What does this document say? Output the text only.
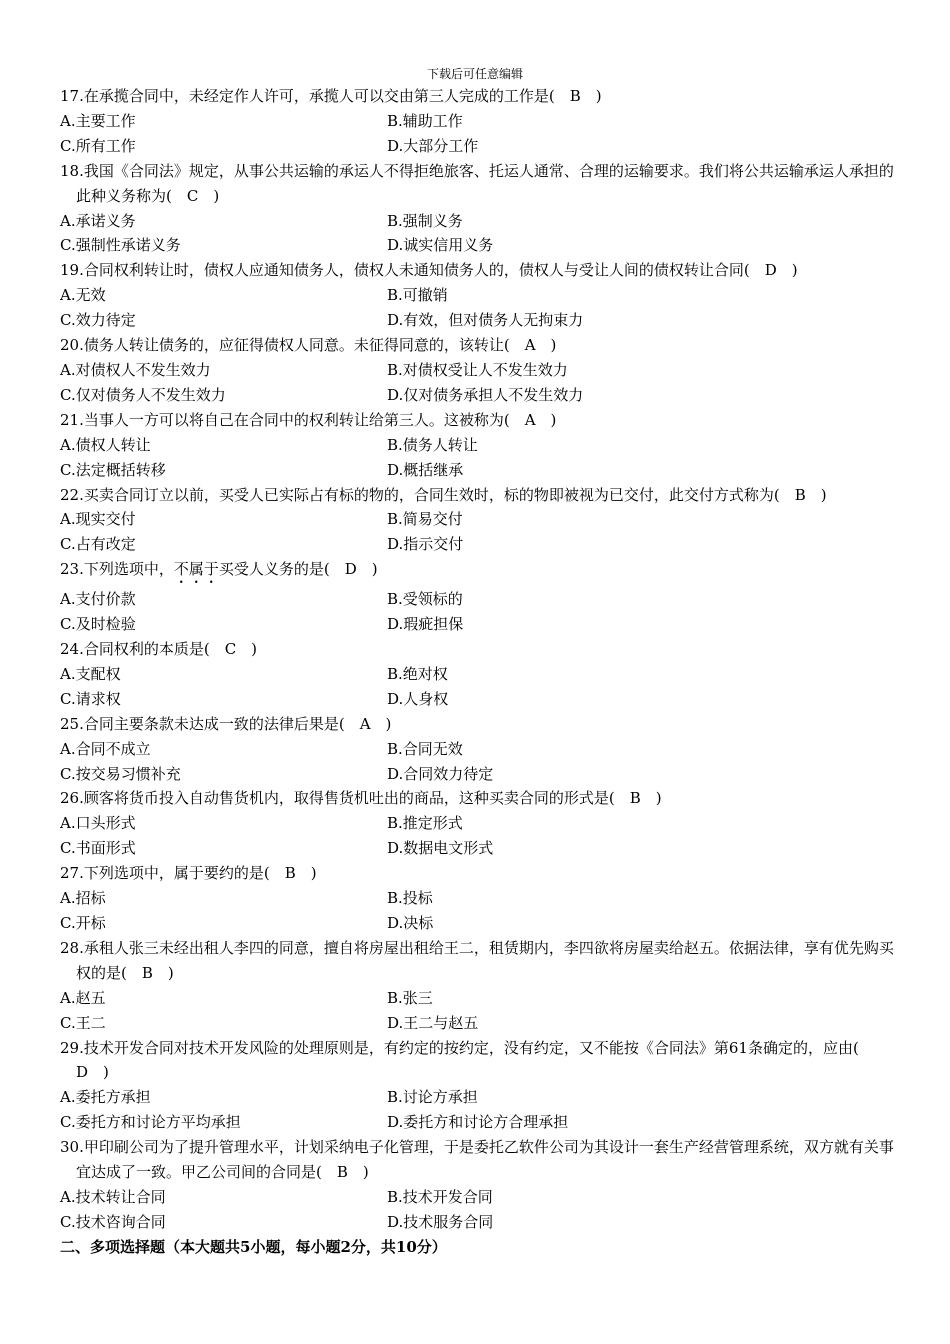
下载后可任意编辑
17.在承揽合同中，未经定作人许可，承揽人可以交由第三人完成的工作是(　B　)
A.主要工作	B.辅助工作
C.所有工作	D.大部分工作
18.我国《合同法》规定，从事公共运输的承运人不得拒绝旅客、托运人通常、合理的运输要求。我们将公共运输承运人承担的此种义务称为(　C　)
A.承诺义务	B.强制义务
C.强制性承诺义务	D.诚实信用义务
19.合同权利转让时，债权人应通知债务人，债权人未通知债务人的，债权人与受让人间的债权转让合同(　D　)
A.无效	B.可撤销
C.效力待定	D.有效，但对债务人无拘束力
20.债务人转让债务的，应征得债权人同意。未征得同意的，该转让(　A　)
A.对债权人不发生效力	B.对债权受让人不发生效力
C.仅对债务人不发生效力	D.仅对债务承担人不发生效力
21.当事人一方可以将自己在合同中的权利转让给第三人。这被称为(　A　)
A.债权人转让	B.债务人转让
C.法定概括转移	D.概括继承
22.买卖合同订立以前，买受人已实际占有标的物的，合同生效时，标的物即被视为已交付，此交付方式称为(　B　)
A.现实交付	B.简易交付
C.占有改定	D.指示交付
23.下列选项中，不属于买受人义务的是(　D　)
A.支付价款	B.受领标的
C.及时检验	D.瑕疵担保
24.合同权利的本质是(　C　)
A.支配权	B.绝对权
C.请求权	D.人身权
25.合同主要条款未达成一致的法律后果是(　A　)
A.合同不成立	B.合同无效
C.按交易习惯补充	D.合同效力待定
26.顾客将货币投入自动售货机内，取得售货机吐出的商品，这种买卖合同的形式是(　B　)
A.口头形式	B.推定形式
C.书面形式	D.数据电文形式
27.下列选项中，属于要约的是(　B　)
A.招标	B.投标
C.开标	D.决标
28.承租人张三未经出租人李四的同意，擅自将房屋出租给王二，租赁期内，李四欲将房屋卖给赵五。依据法律，享有优先购买权的是(　B　)
A.赵五	B.张三
C.王二	D.王二与赵五
29.技术开发合同对技术开发风险的处理原则是，有约定的按约定，没有约定，又不能按《合同法》第61条确定的，应由(　D　)
A.委托方承担	B.讨论方承担
C.委托方和讨论方平均承担	D.委托方和讨论方合理承担
30.甲印刷公司为了提升管理水平，计划采纳电子化管理，于是委托乙软件公司为其设计一套生产经营管理系统，双方就有关事宜达成了一致。甲乙公司间的合同是(　B　)
A.技术转让合同	B.技术开发合同
C.技术咨询合同	D.技术服务合同
二、多项选择题（本大题共5小题，每小题2分，共10分）
